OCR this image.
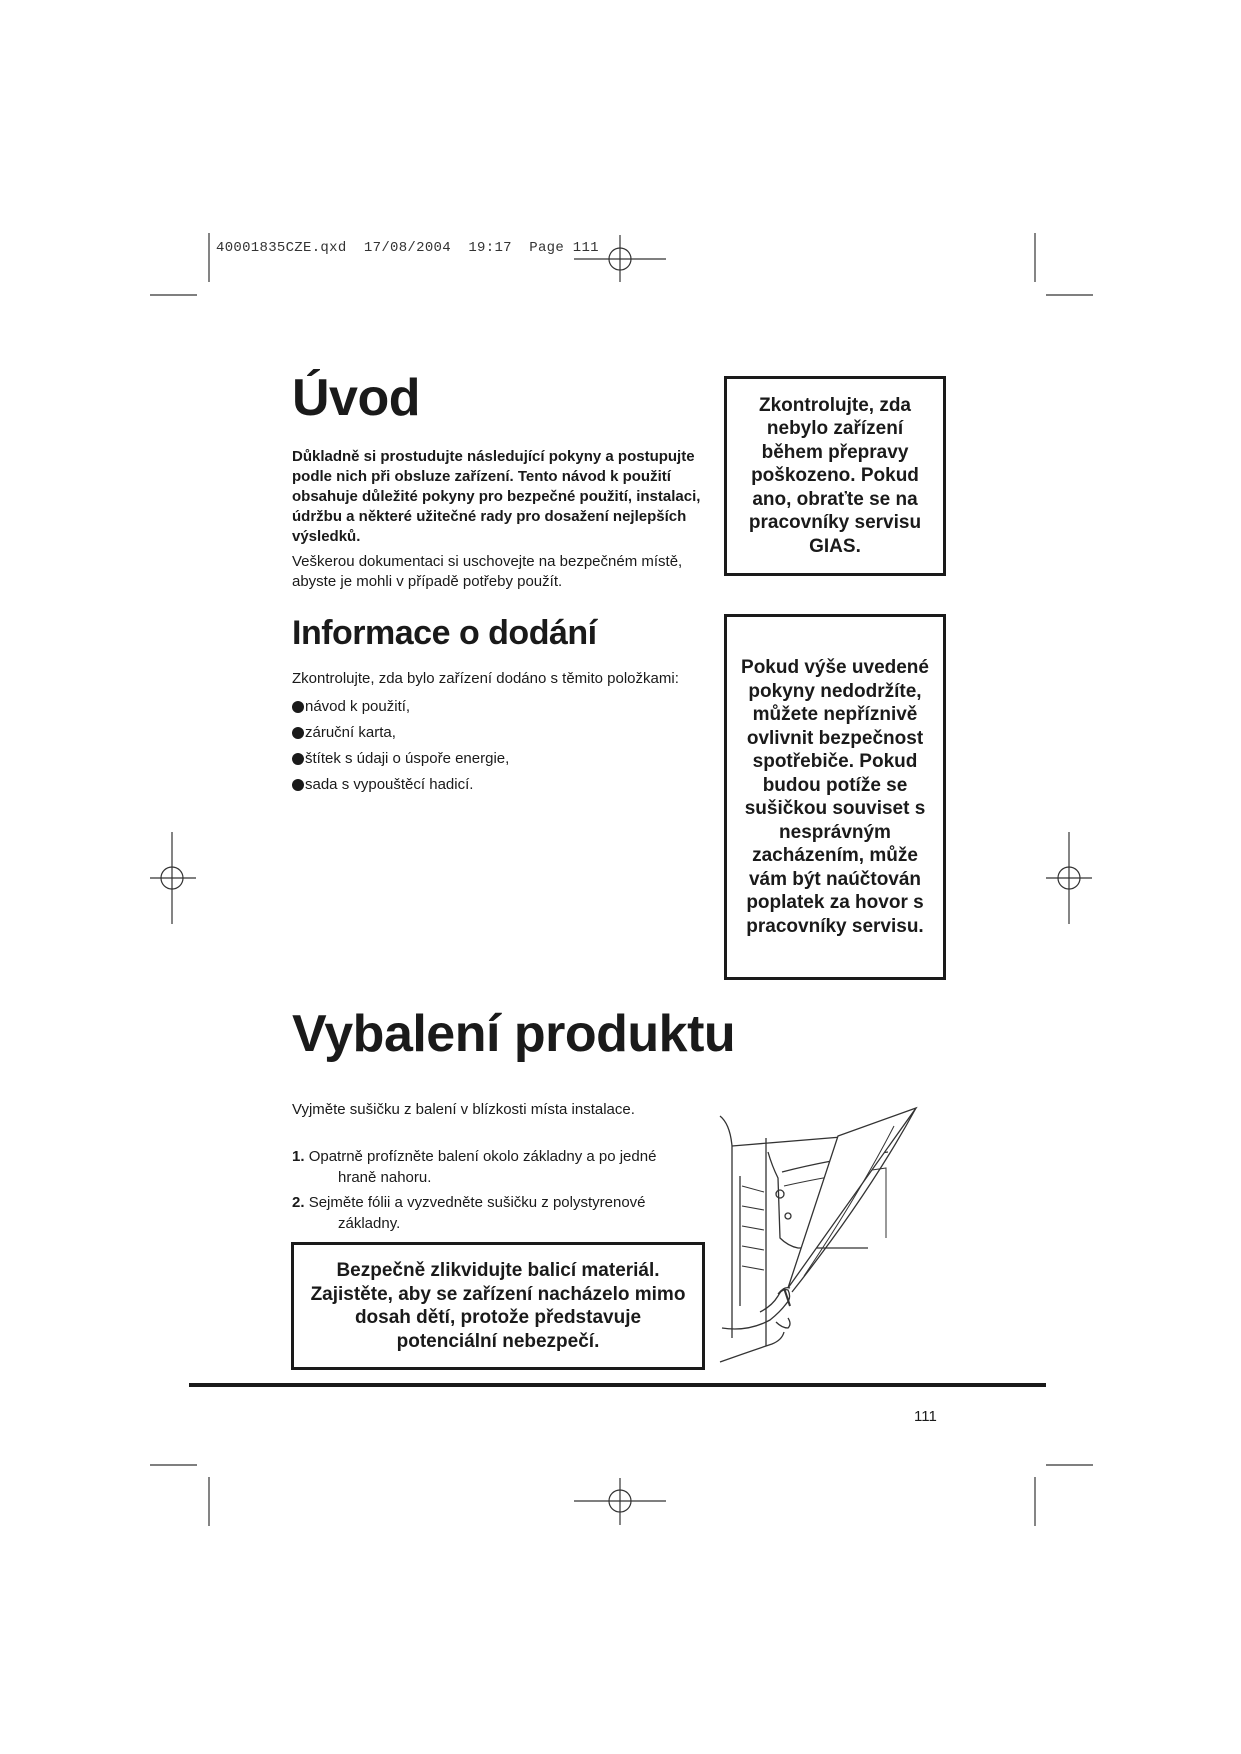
40001835CZE.qxd  17/08/2004  19:17  Page 111
Úvod

Důkladně si prostudujte následující pokyny a postupujte podle nich při obsluze zařízení. Tento návod k použití obsahuje důležité pokyny pro bezpečné použití, instalaci, údržbu a některé užitečné rady pro dosažení nejlepších výsledků.

Veškerou dokumentaci si uschovejte na bezpečném místě, abyste je mohli v případě potřeby použít.

Informace o dodání

Zkontrolujte, zda bylo zařízení dodáno s těmito položkami:

návod k použití,
záruční karta,
štítek s údaji o úspoře energie,
sada s vypouštěcí hadicí.
Vybalení produktu

Vyjměte sušičku z balení v blízkosti místa instalace.

1. Opatrně profízněte balení okolo základny a po jedné
hraně nahoru.
2. Sejměte fólii a vyzvedněte sušičku z polystyrenové
základny.
Zkontrolujte, zda nebylo zařízení během přepravy poškozeno. Pokud ano, obraťte se na pracovníky servisu GIAS.
Pokud výše uvedené pokyny nedodržíte, můžete nepříznivě ovlivnit bezpečnost spotřebiče. Pokud budou potíže se sušičkou souviset s nesprávným zacházením, může vám být naúčtován poplatek za hovor s pracovníky servisu.
Bezpečně zlikvidujte balicí materiál. Zajistěte, aby se zařízení nacházelo mimo dosah dětí, protože představuje potenciální nebezpečí.
111
